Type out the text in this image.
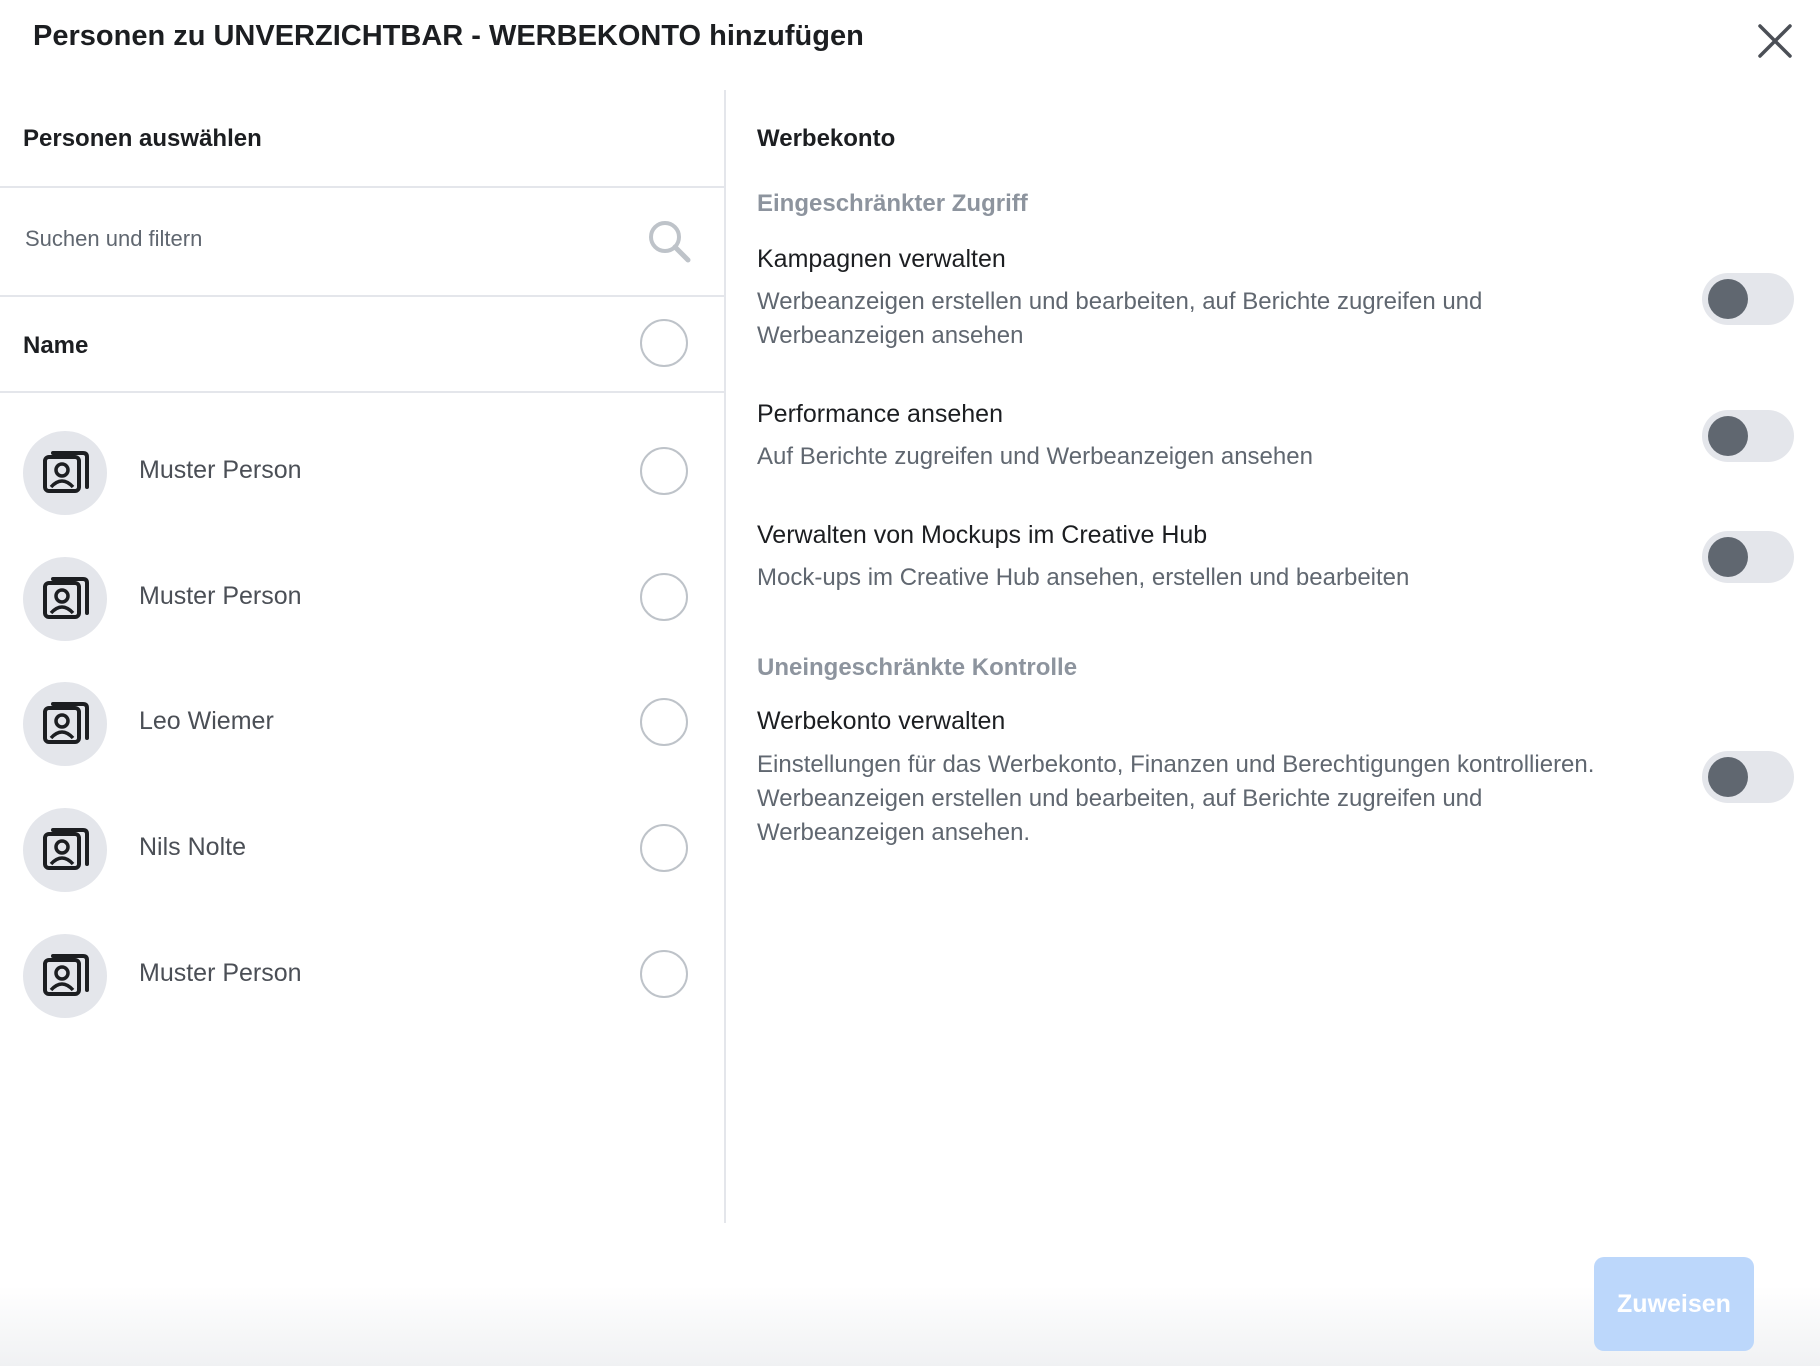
Personen zu UNVERZICHTBAR - WERBEKONTO hinzufügen
Personen auswählen
Suchen und filtern
Name
Muster Person
Muster Person
Leo Wiemer
Nils Nolte
Muster Person
Werbekonto
Eingeschränkter Zugriff
Kampagnen verwalten
Werbeanzeigen erstellen und bearbeiten, auf Berichte zugreifen und Werbeanzeigen ansehen
Performance ansehen
Auf Berichte zugreifen und Werbeanzeigen ansehen
Verwalten von Mockups im Creative Hub
Mock-ups im Creative Hub ansehen, erstellen und bearbeiten
Uneingeschränkte Kontrolle
Werbekonto verwalten
Einstellungen für das Werbekonto, Finanzen und Berechtigungen kontrollieren. Werbeanzeigen erstellen und bearbeiten, auf Berichte zugreifen und Werbeanzeigen ansehen.
Zuweisen
